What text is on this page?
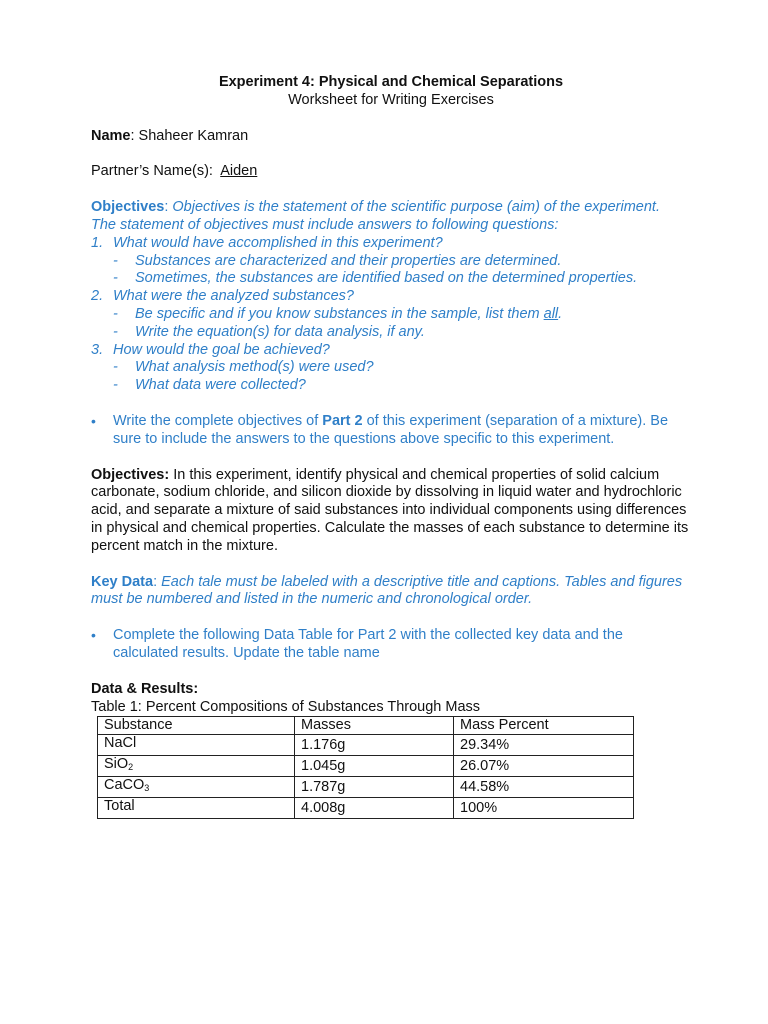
Experiment 4: Physical and Chemical Separations
Worksheet for Writing Exercises
Name: Shaheer Kamran
Partner’s Name(s): Aiden
Objectives: Objectives is the statement of the scientific purpose (aim) of the experiment.
The statement of objectives must include answers to following questions:
1. What would have accomplished in this experiment?
-	Substances are characterized and their properties are determined.
-	Sometimes, the substances are identified based on the determined properties.
2. What were the analyzed substances?
-	Be specific and if you know substances in the sample, list them all.
-	Write the equation(s) for data analysis, if any.
3. How would the goal be achieved?
-	What analysis method(s) were used?
-	What data were collected?
•	Write the complete objectives of Part 2 of this experiment (separation of a mixture). Be sure to include the answers to the questions above specific to this experiment.
Objectives: In this experiment, identify physical and chemical properties of solid calcium carbonate, sodium chloride, and silicon dioxide by dissolving in liquid water and hydrochloric acid, and separate a mixture of said substances into individual components using differences in physical and chemical properties. Calculate the masses of each substance to determine its percent match in the mixture.
Key Data: Each tale must be labeled with a descriptive title and captions. Tables and figures must be numbered and listed in the numeric and chronological order.
•	Complete the following Data Table for Part 2 with the collected key data and the calculated results. Update the table name
Data & Results:
Table 1: Percent Compositions of Substances Through Mass
Substance	Masses	Mass Percent
NaCl	1.176g	29.34%
SiO$_2$	1.045g	26.07%
CaCO$_3$	1.787g	44.58%
Total	4.008g	100%
